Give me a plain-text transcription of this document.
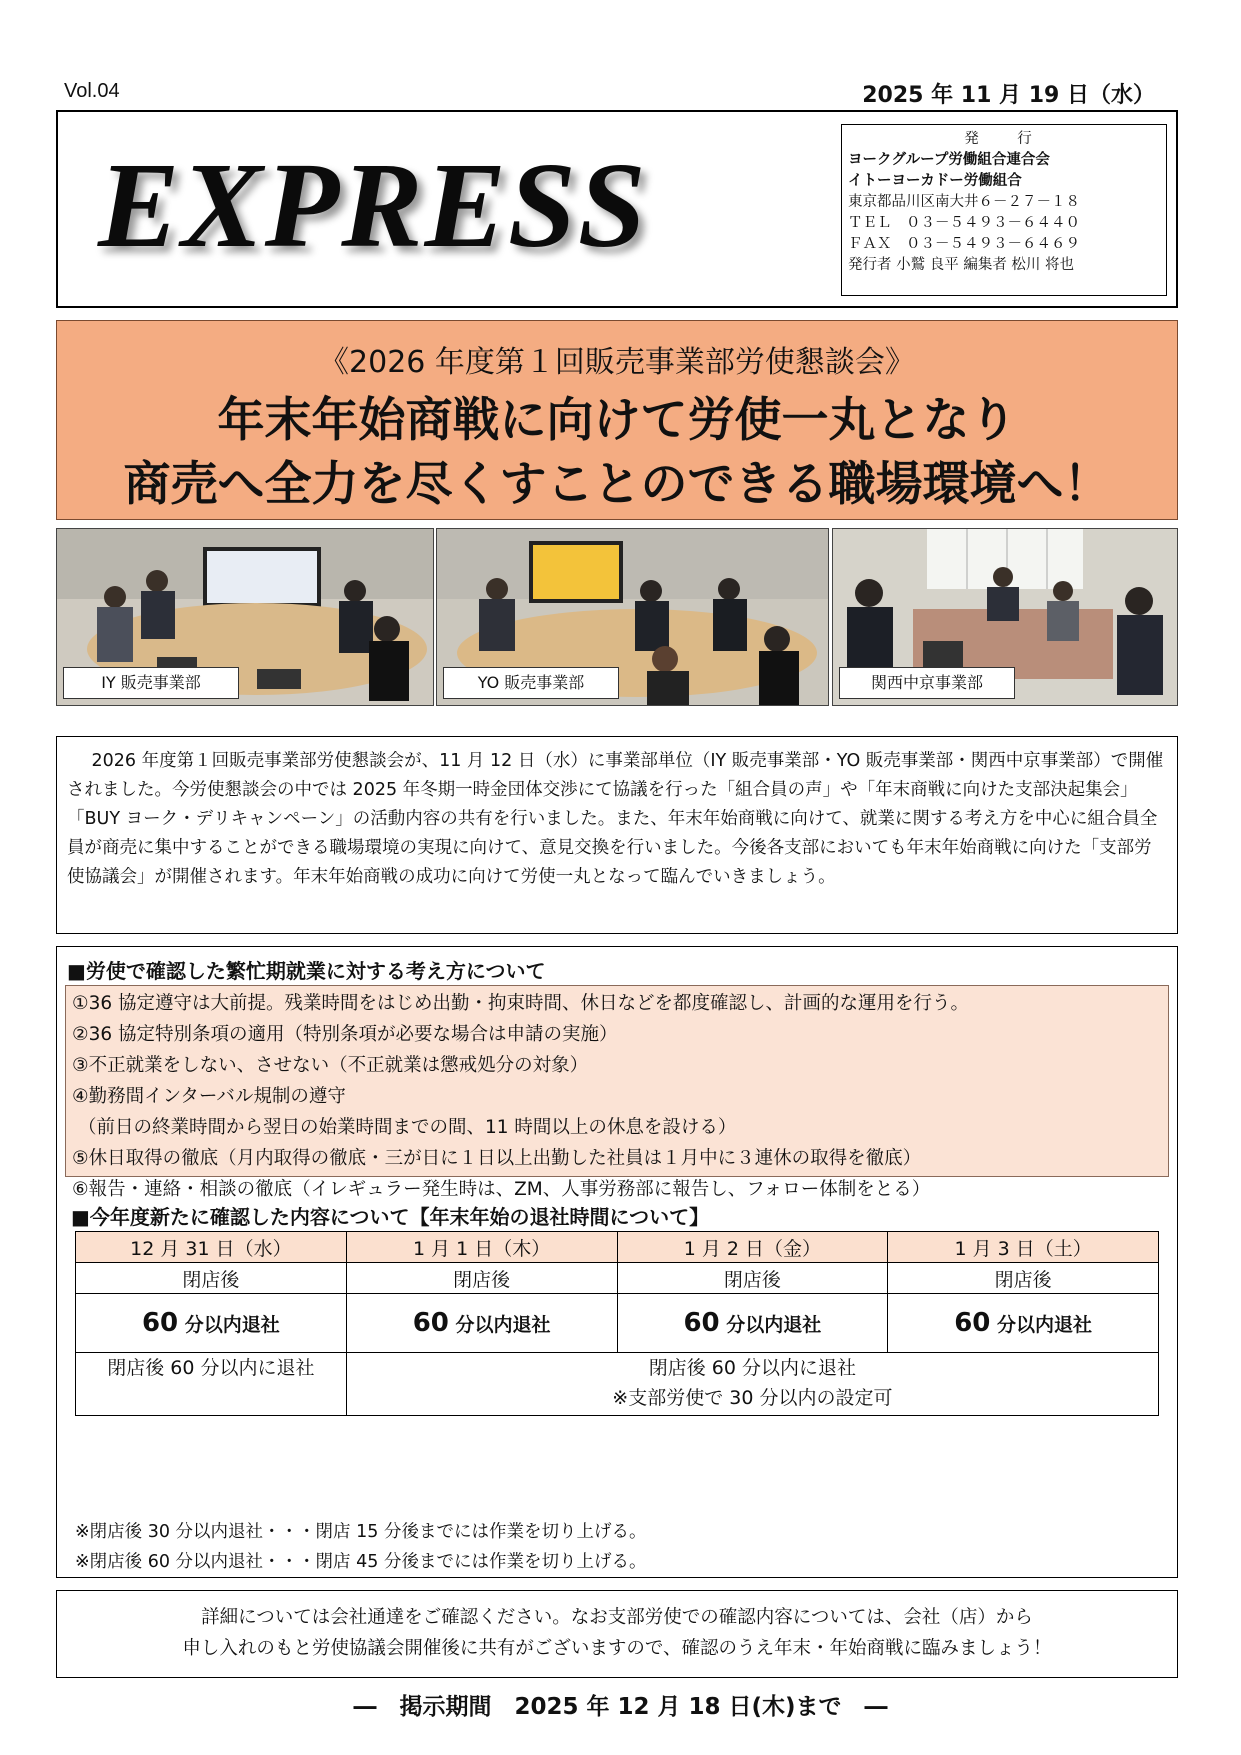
Vol.04	2025 年 11 月 19 日（水）
EXPRESS	発　行
ヨークグループ労働組合連合会
イトーヨーカドー労働組合
東京都品川区南大井６－２７－１８
ＴＥＬ　０３－５４９３－６４４０
ＦＡＸ　０３－５４９３－６４６９
発行者 小鷲 良平 編集者 松川 将也
《2026 年度第１回販売事業部労使懇談会》
年末年始商戦に向けて労使一丸となり
商売へ全力を尽くすことのできる職場環境へ！
IY 販売事業部	YO 販売事業部	関西中京事業部
2026 年度第１回販売事業部労使懇談会が、11 月 12 日（水）に事業部単位（IY 販売事業部・YO 販売事業部・関西中京事業部）で開催されました。今労使懇談会の中では 2025 年冬期一時金団体交渉にて協議を行った「組合員の声」や「年末商戦に向けた支部決起集会」「BUY ヨーク・デリキャンペーン」の活動内容の共有を行いました。また、年末年始商戦に向けて、就業に関する考え方を中心に組合員全員が商売に集中することができる職場環境の実現に向けて、意見交換を行いました。今後各支部においても年末年始商戦に向けた「支部労使協議会」が開催されます。年末年始商戦の成功に向けて労使一丸となって臨んでいきましょう。
■労使で確認した繁忙期就業に対する考え方について
①36 協定遵守は大前提。残業時間をはじめ出勤・拘束時間、休日などを都度確認し、計画的な運用を行う。
②36 協定特別条項の適用（特別条項が必要な場合は申請の実施）
③不正就業をしない、させない（不正就業は懲戒処分の対象）
④勤務間インターバル規制の遵守
（前日の終業時間から翌日の始業時間までの間、11 時間以上の休息を設ける）
⑤休日取得の徹底（月内取得の徹底・三が日に１日以上出勤した社員は１月中に３連休の取得を徹底）
⑥報告・連絡・相談の徹底（イレギュラー発生時は、ZM、人事労務部に報告し、フォロー体制をとる）
■今年度新たに確認した内容について【年末年始の退社時間について】
12 月 31 日（水）	1 月 1 日（木）	1 月 2 日（金）	1 月 3 日（土）
閉店後	閉店後	閉店後	閉店後
60 分以内退社	60 分以内退社	60 分以内退社	60 分以内退社
閉店後 60 分以内に退社	閉店後 60 分以内に退社
※支部労使で 30 分以内の設定可		
※閉店後 30 分以内退社・・・閉店 15 分後までには作業を切り上げる。
※閉店後 60 分以内退社・・・閉店 45 分後までには作業を切り上げる。
詳細については会社通達をご確認ください。なお支部労使での確認内容については、会社（店）から
申し入れのもと労使協議会開催後に共有がございますので、確認のうえ年末・年始商戦に臨みましょう！
―　掲示期間　2025 年 12 月 18 日(木)まで　―
